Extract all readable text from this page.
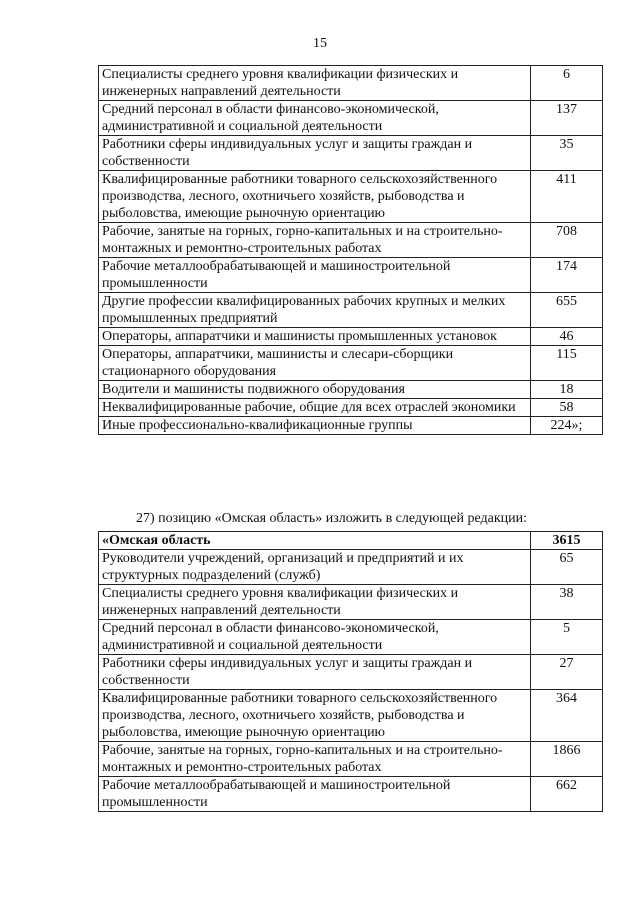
15
Специалисты среднего уровня квалификации физических и инженерных направлений деятельности	6
Средний персонал в области финансово-экономической, административной и социальной деятельности	137
Работники сферы индивидуальных услуг и защиты граждан и собственности	35
Квалифицированные работники товарного сельскохозяйственного производства, лесного, охотничьего хозяйств, рыбоводства и рыболовства, имеющие рыночную ориентацию	411
Рабочие, занятые на горных, горно-капитальных и на строительно-монтажных и ремонтно-строительных работах	708
Рабочие металлообрабатывающей и машиностроительной промышленности	174
Другие профессии квалифицированных рабочих крупных и мелких промышленных предприятий	655
Операторы, аппаратчики и машинисты промышленных установок	46
Операторы, аппаратчики, машинисты и слесари-сборщики стационарного оборудования	115
Водители и машинисты подвижного оборудования	18
Неквалифицированные рабочие, общие для всех отраслей экономики	58
Иные профессионально-квалификационные группы	224»;
27) позицию «Омская область» изложить в следующей редакции:
«Омская область	3615
Руководители учреждений, организаций и предприятий и их структурных подразделений (служб)	65
Специалисты среднего уровня квалификации физических и инженерных направлений деятельности	38
Средний персонал в области финансово-экономической, административной и социальной деятельности	5
Работники сферы индивидуальных услуг и защиты граждан и собственности	27
Квалифицированные работники товарного сельскохозяйственного производства, лесного, охотничьего хозяйств, рыбоводства и рыболовства, имеющие рыночную ориентацию	364
Рабочие, занятые на горных, горно-капитальных и на строительно-монтажных и ремонтно-строительных работах	1866
Рабочие металлообрабатывающей и машиностроительной промышленности	662
